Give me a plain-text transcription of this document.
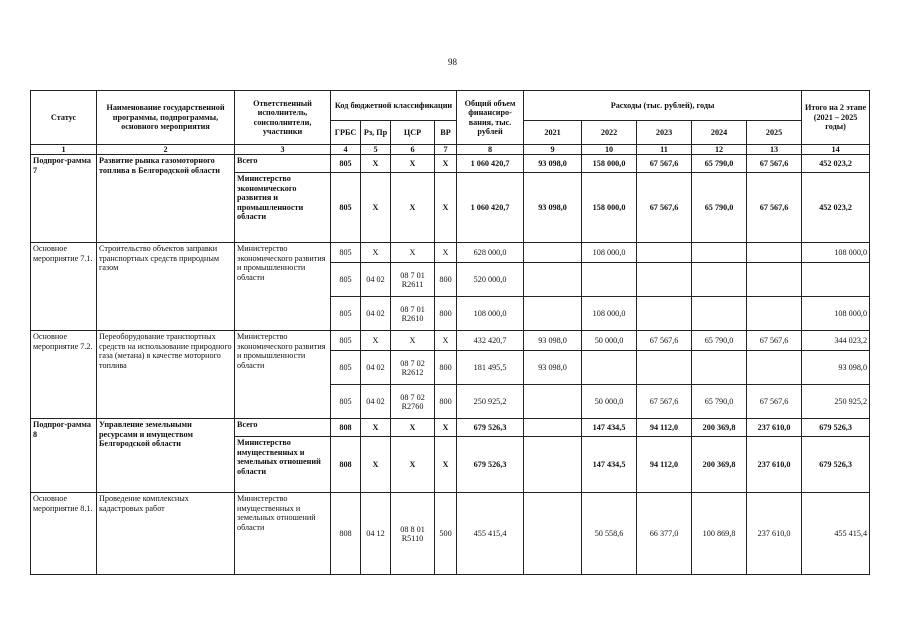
98
Статус	Наименование государственной программы, подпрограммы, основного мероприятия	Ответственный исполнитель, соисполнители, участники	Код бюджетной классификации				Общий объем финансиро-вания, тыс. рублей	Расходы (тыс. рублей), годы					Итого на 2 этапе (2021 – 2025 годы)
			ГРБС	Рз, Пр	ЦСР	ВР		2021	2022	2023	2024	2025	
1	2	3	4	5	6	7	8	9	10	11	12	13	14
Подпрог-рамма 7	Развитие рынка газомоторного топлива в Белгородской области	Всего	805	Х	Х	Х	1 060 420,7	93 098,0	158 000,0	67 567,6	65 790,0	67 567,6	452 023,2
		Министерство экономического развития и промышленности области	805	Х	Х	Х	1 060 420,7	93 098,0	158 000,0	67 567,6	65 790,0	67 567,6	452 023,2
Основное мероприятие 7.1.	Строительство объектов заправки транспортных средств природным газом	Министерство экономического развития и промышленности области	805	Х	Х	Х	628 000,0		108 000,0				108 000,0
			805	04 02	08 7 01 R2611	800	520 000,0						
			805	04 02	08 7 01 R2610	800	108 000,0		108 000,0				108 000,0
Основное мероприятие 7.2.	Переоборудование транспортных средств на использование природного газа (метана) в качестве моторного топлива	Министерство экономического развития и промышленности области	805	Х	Х	Х	432 420,7	93 098,0	50 000,0	67 567,6	65 790,0	67 567,6	344 023,2
			805	04 02	08 7 02 R2612	800	181 495,5	93 098,0					93 098,0
			805	04 02	08 7 02 R2760	800	250 925,2		50 000,0	67 567,6	65 790,0	67 567,6	250 925,2
Подпрог-рамма 8	Управление земельными ресурсами и имуществом Белгородской области	Всего	808	Х	Х	Х	679 526,3		147 434,5	94 112,0	200 369,8	237 610,0	679 526,3
		Министерство имущественных и земельных отношений области	808	Х	Х	Х	679 526,3		147 434,5	94 112,0	200 369,8	237 610,0	679 526,3
Основное мероприятие 8.1.	Проведение комплексных кадастровых работ	Министерство имущественных и земельных отношений области	808	04 12	08 8 01 R5110	500	455 415,4		50 558,6	66 377,0	100 869,8	237 610,0	455 415,4
